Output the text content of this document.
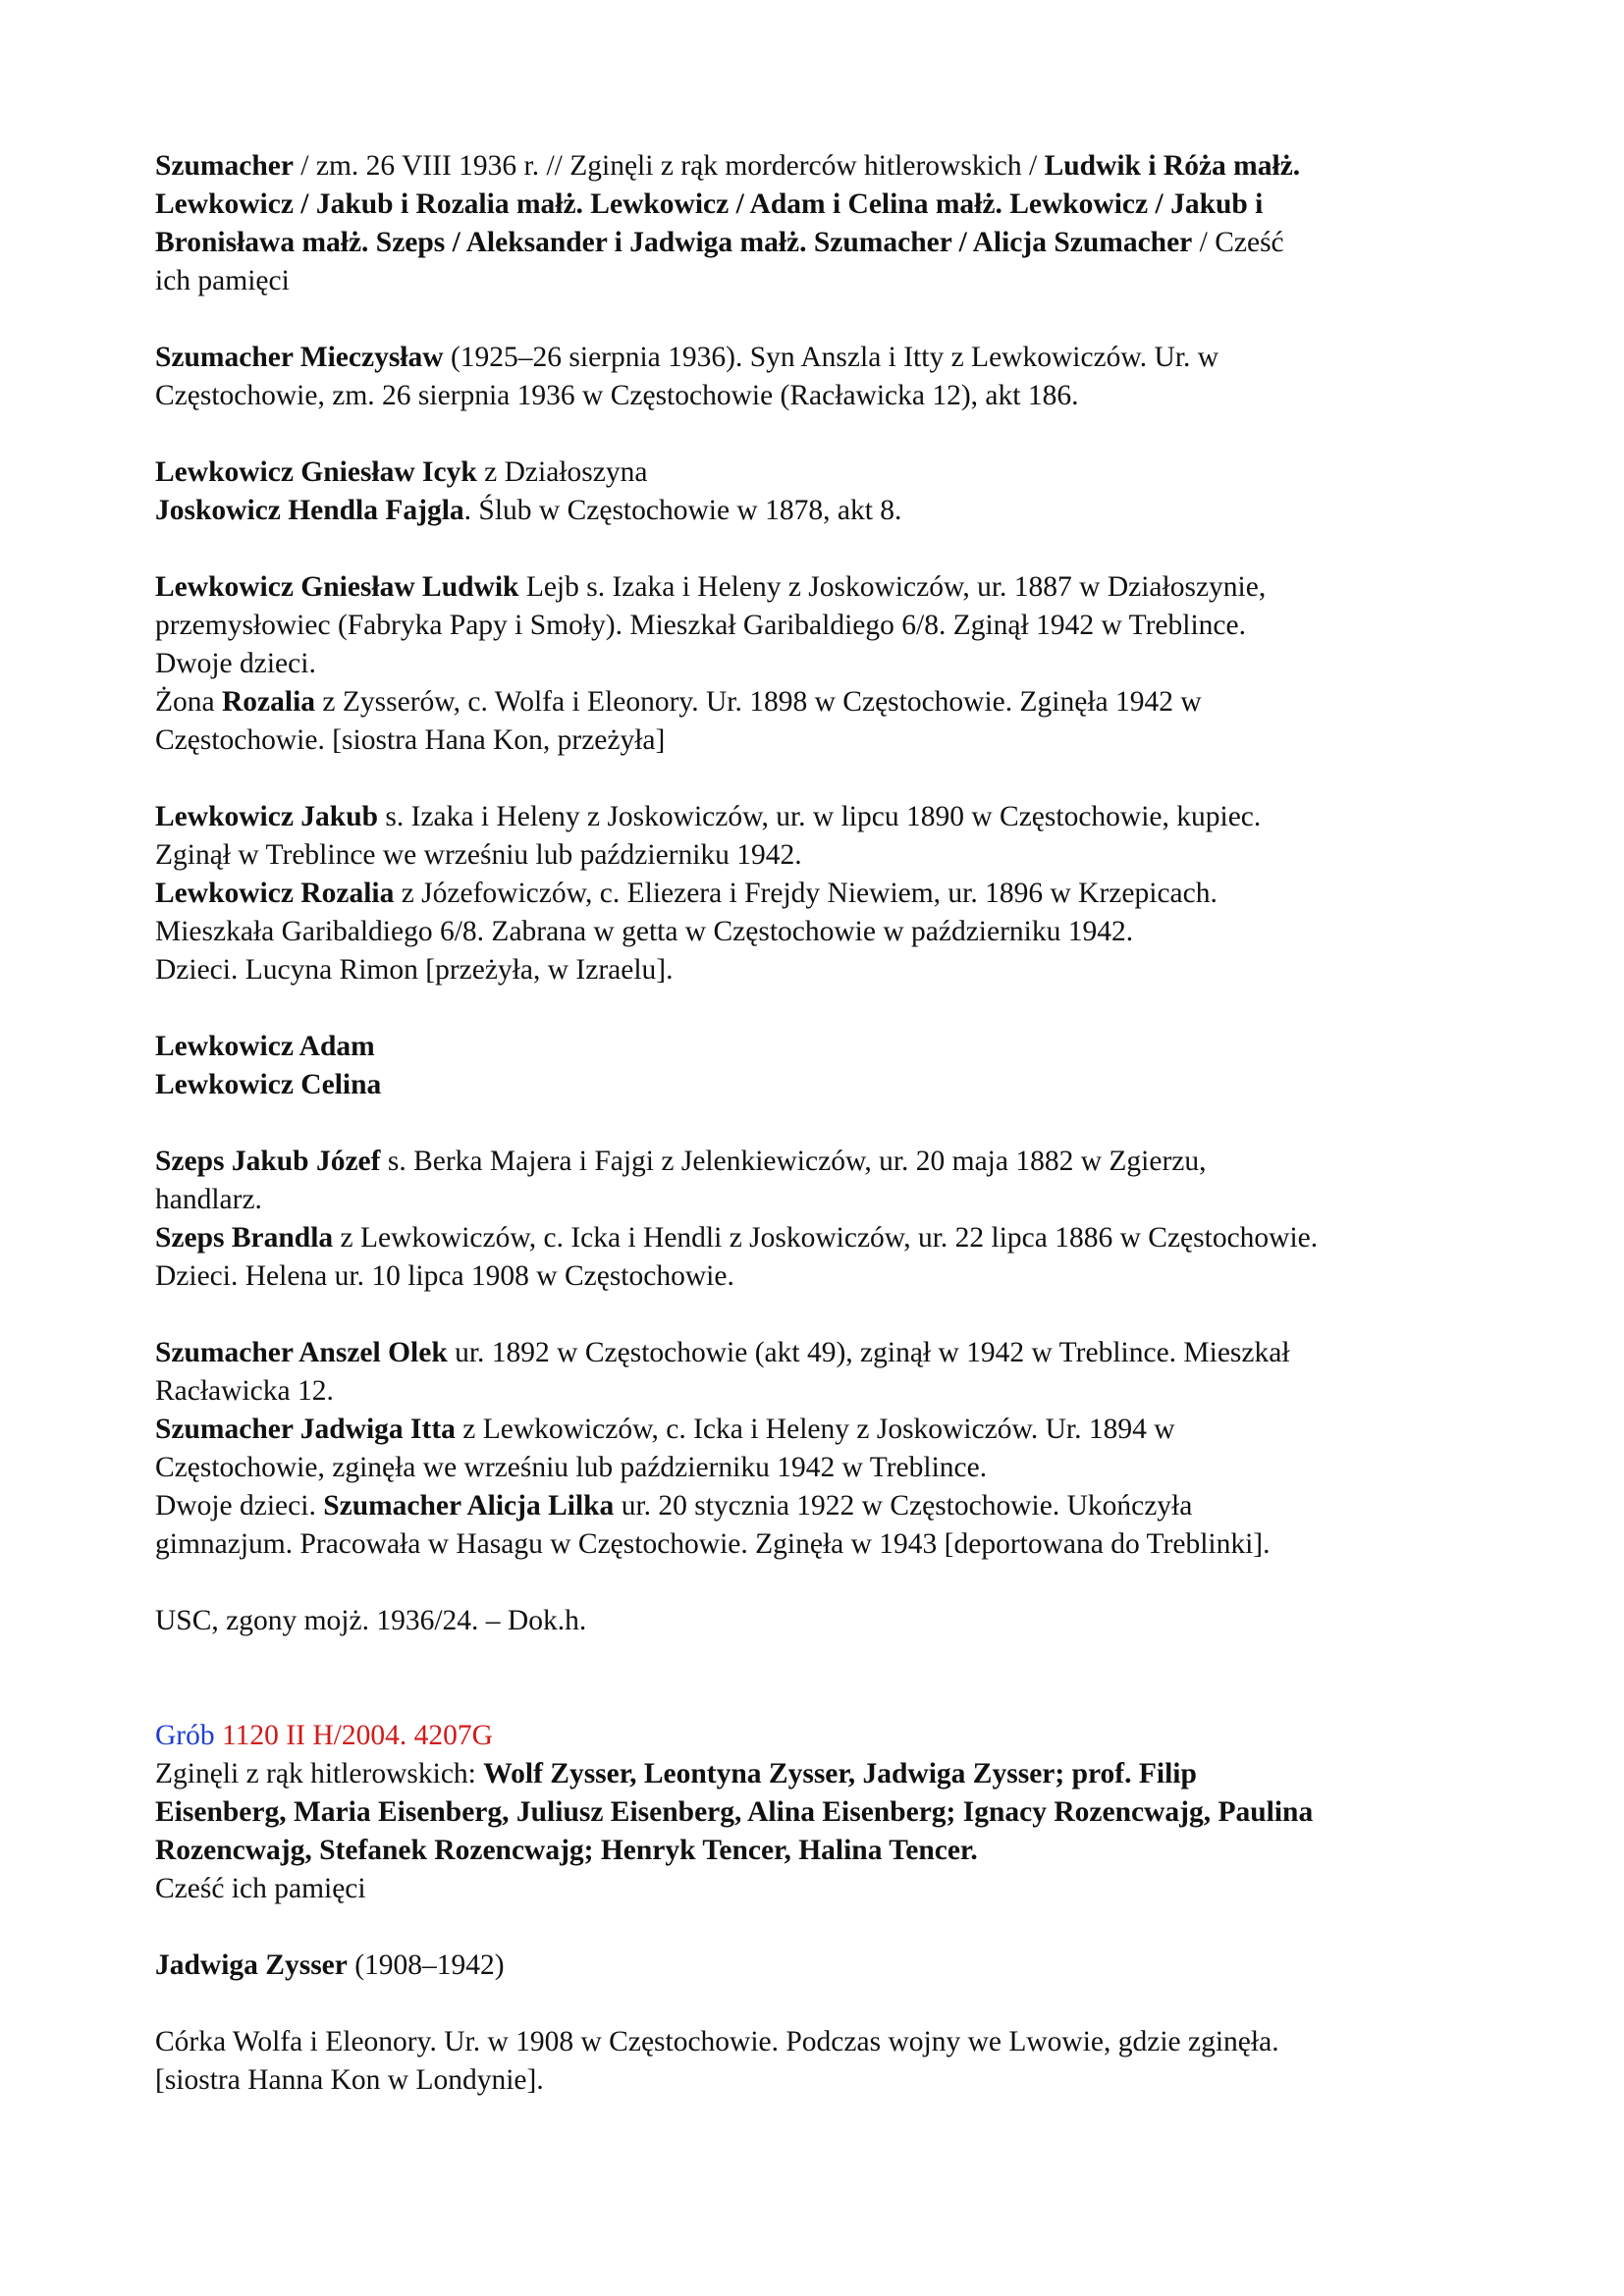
Szumacher / zm. 26 VIII 1936 r. // Zginęli z rąk morderców hitlerowskich / Ludwik i Róża małż.
Lewkowicz / Jakub i Rozalia małż. Lewkowicz / Adam i Celina małż. Lewkowicz / Jakub i
Bronisława małż. Szeps / Aleksander i Jadwiga małż. Szumacher / Alicja Szumacher / Cześć
ich pamięci

Szumacher Mieczysław (1925–26 sierpnia 1936). Syn Anszla i Itty z Lewkowiczów. Ur. w
Częstochowie, zm. 26 sierpnia 1936 w Częstochowie (Racławicka 12), akt 186.

Lewkowicz Gniesław Icyk z Działoszyna
Joskowicz Hendla Fajgla. Ślub w Częstochowie w 1878, akt 8.

Lewkowicz Gniesław Ludwik Lejb s. Izaka i Heleny z Joskowiczów, ur. 1887 w Działoszynie,
przemysłowiec (Fabryka Papy i Smoły). Mieszkał Garibaldiego 6/8. Zginął 1942 w Treblince.
Dwoje dzieci.
Żona Rozalia z Zysserów, c. Wolfa i Eleonory. Ur. 1898 w Częstochowie. Zginęła 1942 w
Częstochowie. [siostra Hana Kon, przeżyła]

Lewkowicz Jakub s. Izaka i Heleny z Joskowiczów, ur. w lipcu 1890 w Częstochowie, kupiec.
Zginął w Treblince we wrześniu lub październiku 1942.
Lewkowicz Rozalia z Józefowiczów, c. Eliezera i Frejdy Niewiem, ur. 1896 w Krzepicach.
Mieszkała Garibaldiego 6/8. Zabrana w getta w Częstochowie w październiku 1942.
Dzieci. Lucyna Rimon [przeżyła, w Izraelu].

Lewkowicz Adam
Lewkowicz Celina

Szeps Jakub Józef s. Berka Majera i Fajgi z Jelenkiewiczów, ur. 20 maja 1882 w Zgierzu,
handlarz.
Szeps Brandla z Lewkowiczów, c. Icka i Hendli z Joskowiczów, ur. 22 lipca 1886 w Częstochowie.
Dzieci. Helena ur. 10 lipca 1908 w Częstochowie.

Szumacher Anszel Olek ur. 1892 w Częstochowie (akt 49), zginął w 1942 w Treblince. Mieszkał
Racławicka 12.
Szumacher Jadwiga Itta z Lewkowiczów, c. Icka i Heleny z Joskowiczów. Ur. 1894 w
Częstochowie, zginęła we wrześniu lub październiku 1942 w Treblince.
Dwoje dzieci. Szumacher Alicja Lilka ur. 20 stycznia 1922 w Częstochowie. Ukończyła
gimnazjum. Pracowała w Hasagu w Częstochowie. Zginęła w 1943 [deportowana do Treblinki].

USC, zgony mojż. 1936/24. – Dok.h.

Grób 1120 II H/2004. 4207G
Zginęli z rąk hitlerowskich: Wolf Zysser, Leontyna Zysser, Jadwiga Zysser; prof. Filip
Eisenberg, Maria Eisenberg, Juliusz Eisenberg, Alina Eisenberg; Ignacy Rozencwajg, Paulina
Rozencwajg, Stefanek Rozencwajg; Henryk Tencer, Halina Tencer.
Cześć ich pamięci

Jadwiga Zysser (1908–1942)

Córka Wolfa i Eleonory. Ur. w 1908 w Częstochowie. Podczas wojny we Lwowie, gdzie zginęła.
[siostra Hanna Kon w Londynie].
